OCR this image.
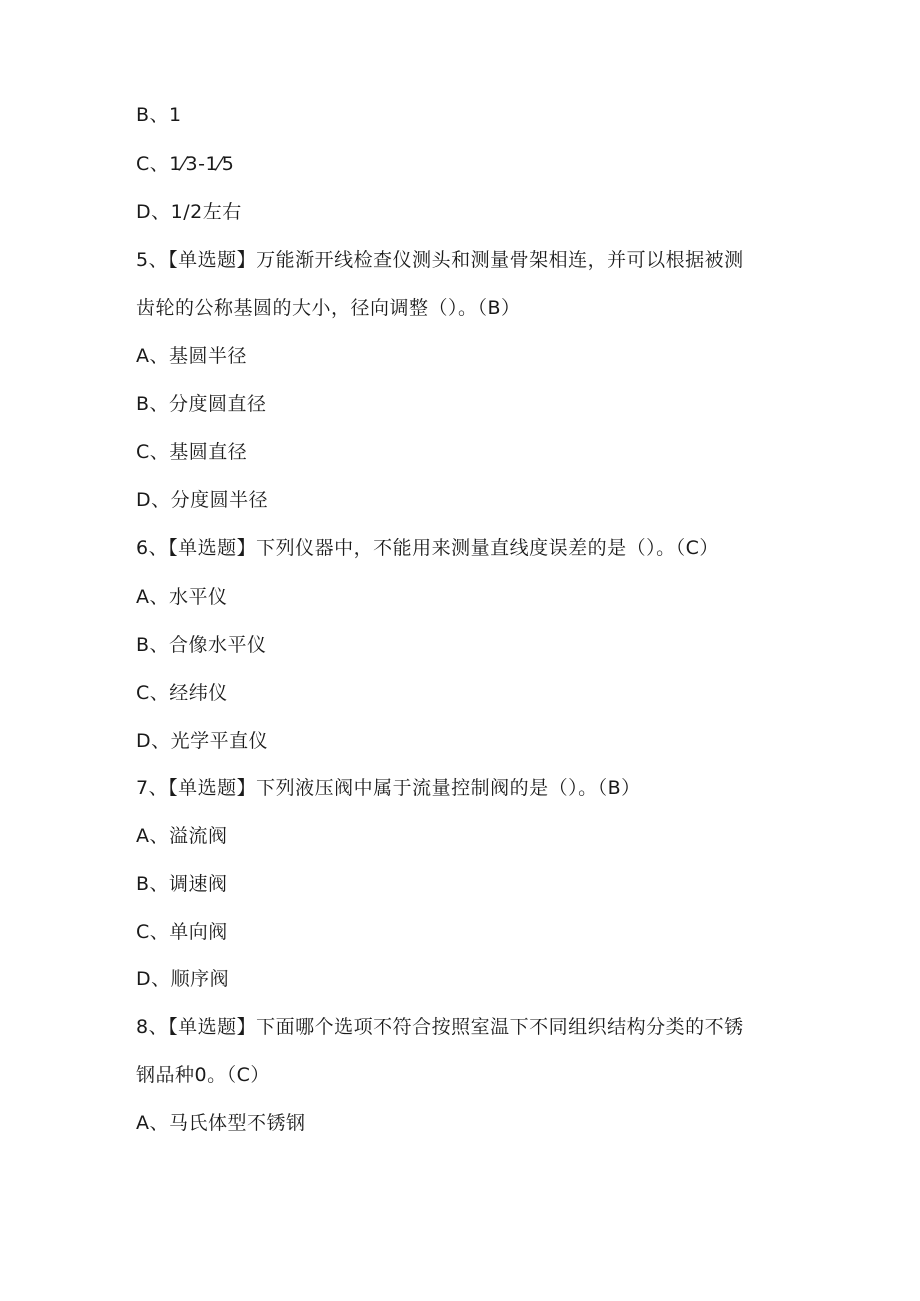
B、1
C、1⁄3-1⁄5
D、1/2左右
5、【单选题】万能渐开线检查仪测头和测量骨架相连，并可以根据被测
齿轮的公称基圆的大小，径向调整（）。（B）
A、基圆半径
B、分度圆直径
C、基圆直径
D、分度圆半径
6、【单选题】下列仪器中，不能用来测量直线度误差的是（）。（C）
A、水平仪
B、合像水平仪
C、经纬仪
D、光学平直仪
7、【单选题】下列液压阀中属于流量控制阀的是（）。（B）
A、溢流阀
B、调速阀
C、单向阀
D、顺序阀
8、【单选题】下面哪个选项不符合按照室温下不同组织结构分类的不锈
钢品种0。（C）
A、马氏体型不锈钢
